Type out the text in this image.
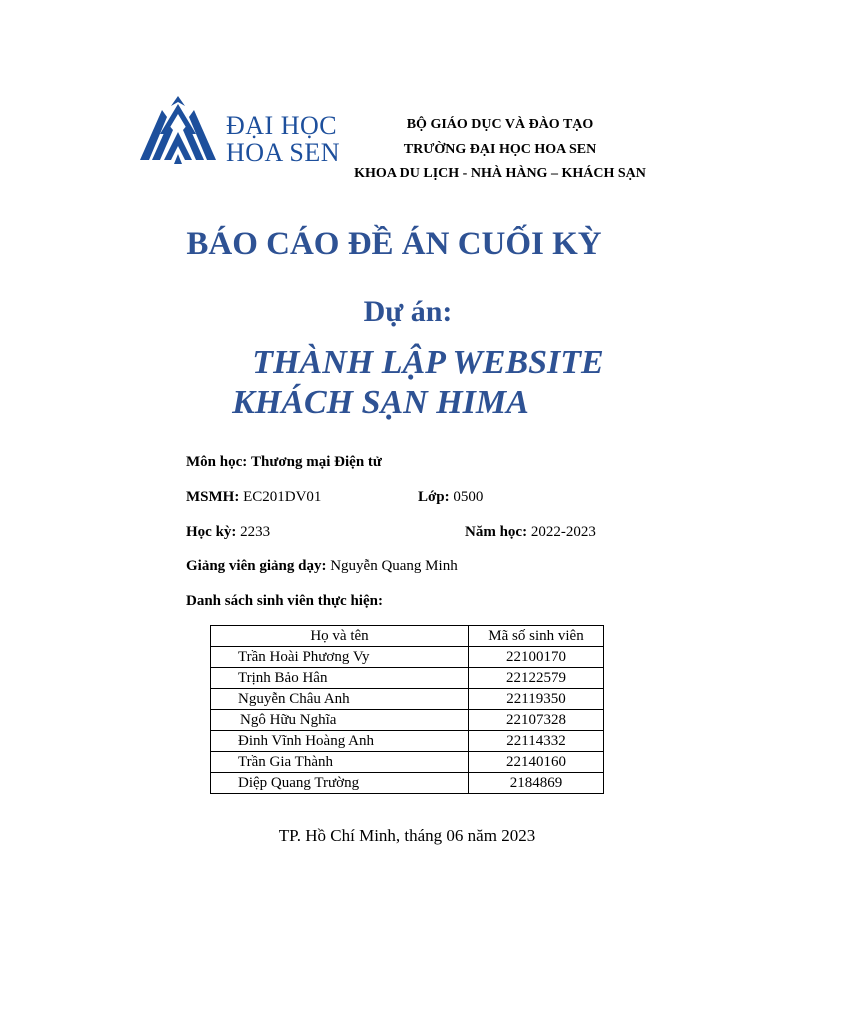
ĐẠI HỌC
HOA SEN
BỘ GIÁO DỤC VÀ ĐÀO TẠO
TRƯỜNG ĐẠI HỌC HOA SEN
KHOA DU LỊCH - NHÀ HÀNG – KHÁCH SẠN
BÁO CÁO ĐỀ ÁN CUỐI KỲ
Dự án:
THÀNH LẬP WEBSITE
KHÁCH SẠN HIMA
Môn học: Thương mại Điện tử
MSMH: EC201DV01	Lớp: 0500
Học kỳ: 2233	Năm học: 2022-2023
Giảng viên giảng dạy: Nguyễn Quang Minh
Danh sách sinh viên thực hiện:
Họ và tên	Mã số sinh viên
Trần Hoài Phương Vy	22100170
Trịnh Bảo Hân	22122579
Nguyễn Châu Anh	22119350
Ngô Hữu Nghĩa	22107328
Đinh Vĩnh Hoàng Anh	22114332
Trần Gia Thành	22140160
Diệp Quang Trường	2184869
TP. Hồ Chí Minh, tháng 06 năm 2023
